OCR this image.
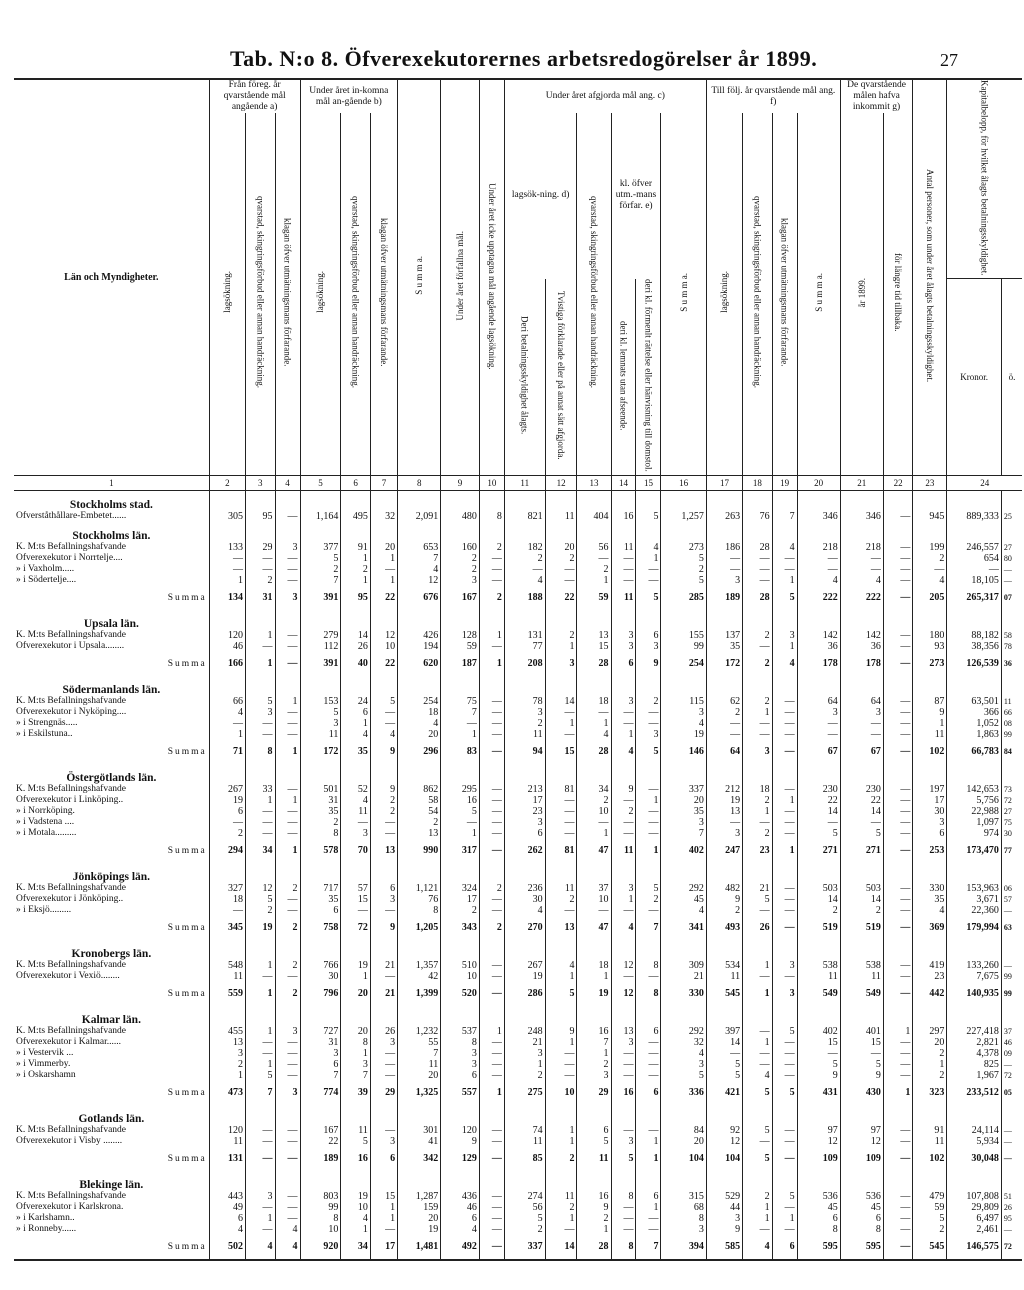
Tab. N:o 8. Öfverexekutorernes arbetsredogörelser år 1899.	27
Län och Myndigheter.	Från föreg. år qvarstående mål angående a)			Under året in-komna mål an-gående b)			S u m m a.	Under året förfallna mål.	Under året icke upptagna mål angående lagsökning.	Under året afgjorda mål ang. c)						Till följ. år qvarstående mål ang. f)				De qvarstående målen hafva inkommit g)		Antal personer, som under året ålagts betalningsskyldighet.	Kapitalbelopp, för hvilket ålagts betalningsskyldighet.	
	lagsökning.	qvarstad, skingringsförbud eller annan handräckning.	klagan öfver utmätningsmans förfarande.	lagsökning.	qvarstad, skingringsförbud eller annan handräckning.	klagan öfver utmätningsmans förfarande.				lagsök-ning. d)		qvarstad, skingringsförbud eller annan handräckning.	kl. öfver utm.-mans förfar. e)		S u m m a.	lagsökning.	qvarstad, skingringsförbud eller annan handräckning.	klagan öfver utmätningsmans förfarande.	S u m m a.	år 1899.	för längre tid tillbaka.			
										Deri betalningsskyldighet ålagts.	Tvistiga förklarade eller på annat sätt afgjorda.		deri kl. lemnats utan afseende.	deri kl. förmenlt rättelse eller hänvisning till domstol.									Kronor.	ö.
1	2	3	4	5	6	7	8	9	10	11	12	13	14	15	16	17	18	19	20	21	22	23	24	
Stockholms stad.																								
Öfverståthållare-Embetet......	305	95	—	1,164	495	32	2,091	480	8	821	11	404	16	5	1,257	263	76	7	346	346	—	945	889,333	25
Stockholms län.																								
K. M:ts Befallningshafvande	133	29	3	377	91	20	653	160	2	182	20	56	11	4	273	186	28	4	218	218	—	199	246,557	27
Öfverexekutor i Norrtelje....	—	—	—	5	1	1	7	2	—	2	2	—	—	1	5	—	—	—	—	—	—	2	654	80
» i Vaxholm.....	—	—	—	2	2	—	4	2	—	—	—	2	—	—	2	—	—	—	—	—	—	—	—	—
» i Södertelje....	1	2	—	7	1	1	12	3	—	4	—	1	—	—	5	3	—	1	4	4	—	4	18,105	—
Summa	134	31	3	391	95	22	676	167	2	188	22	59	11	5	285	189	28	5	222	222	—	205	265,317	07
Upsala län.																								
K. M:ts Befallningshafvande	120	1	—	279	14	12	426	128	1	131	2	13	3	6	155	137	2	3	142	142	—	180	88,182	58
Öfverexekutor i Upsala........	46	—	—	112	26	10	194	59	—	77	1	15	3	3	99	35	—	1	36	36	—	93	38,356	78
Summa	166	1	—	391	40	22	620	187	1	208	3	28	6	9	254	172	2	4	178	178	—	273	126,539	36
Södermanlands län.																								
K. M:ts Befallningshafvande	66	5	1	153	24	5	254	75	—	78	14	18	3	2	115	62	2	—	64	64	—	87	63,501	11
Öfverexekutor i Nyköping....	4	3	—	5	6	—	18	7	—	3	—	—	—	—	3	2	1	—	3	3	—	9	366	66
» i Strengnäs.....	—	—	—	3	1	—	4	—	—	2	1	1	—	—	4	—	—	—	—	—	—	1	1,052	08
» i Eskilstuna..	1	—	—	11	4	4	20	1	—	11	—	4	1	3	19	—	—	—	—	—	—	11	1,863	99
Summa	71	8	1	172	35	9	296	83	—	94	15	28	4	5	146	64	3	—	67	67	—	102	66,783	84
Östergötlands län.																								
K. M:ts Befallningshafvande	267	33	—	501	52	9	862	295	—	213	81	34	9	—	337	212	18	—	230	230	—	197	142,653	73
Öfverexekutor i Linköping..	19	1	1	31	4	2	58	16	—	17	—	2	—	1	20	19	2	1	22	22	—	17	5,756	72
» i Norrköping.	6	—	—	35	11	2	54	5	—	23	—	10	2	—	35	13	1	—	14	14	—	30	22,988	27
» i Vadstena ....	—	—	—	2	—	—	2	—	—	3	—	—	—	—	3	—	—	—	—	—	—	3	1,097	75
» i Motala.........	2	—	—	8	3	—	13	1	—	6	—	1	—	—	7	3	2	—	5	5	—	6	974	30
Summa	294	34	1	578	70	13	990	317	—	262	81	47	11	1	402	247	23	1	271	271	—	253	173,470	77
Jönköpings län.																								
K. M:ts Befallningshafvande	327	12	2	717	57	6	1,121	324	2	236	11	37	3	5	292	482	21	—	503	503	—	330	153,963	06
Öfverexekutor i Jönköping..	18	5	—	35	15	3	76	17	—	30	2	10	1	2	45	9	5	—	14	14	—	35	3,671	57
» i Eksjö.........	—	2	—	6	—	—	8	2	—	4	—	—	—	—	4	2	—	—	2	2	—	4	22,360	—
Summa	345	19	2	758	72	9	1,205	343	2	270	13	47	4	7	341	493	26	—	519	519	—	369	179,994	63
Kronobergs län.																								
K. M:ts Befallningshafvande	548	1	2	766	19	21	1,357	510	—	267	4	18	12	8	309	534	1	3	538	538	—	419	133,260	—
Öfverexekutor i Vexiö........	11	—	—	30	1	—	42	10	—	19	1	1	—	—	21	11	—	—	11	11	—	23	7,675	99
Summa	559	1	2	796	20	21	1,399	520	—	286	5	19	12	8	330	545	1	3	549	549	—	442	140,935	99
Kalmar län.																								
K. M:ts Befallningshafvande	455	1	3	727	20	26	1,232	537	1	248	9	16	13	6	292	397	—	5	402	401	1	297	227,418	37
Öfverexekutor i Kalmar......	13	—	—	31	8	3	55	8	—	21	1	7	3	—	32	14	1	—	15	15	—	20	2,821	46
» i Vestervik ...	3	—	—	3	1	—	7	3	—	3	—	1	—	—	4	—	—	—	—	—	—	2	4,378	09
» i Vimmerby.	2	1	—	6	3	—	11	3	—	1	—	2	—	—	3	5	—	—	5	5	—	1	825	—
» i Oskarshamn	1	5	—	7	7	—	20	6	—	2	—	3	—	—	5	5	4	—	9	9	—	2	1,967	72
Summa	473	7	3	774	39	29	1,325	557	1	275	10	29	16	6	336	421	5	5	431	430	1	323	233,512	05
Gotlands län.																								
K. M:ts Befallningshafvande	120	—	—	167	11	—	301	120	—	74	1	6	—	—	84	92	5	—	97	97	—	91	24,114	—
Öfverexekutor i Visby ........	11	—	—	22	5	3	41	9	—	11	1	5	3	1	20	12	—	—	12	12	—	11	5,934	—
Summa	131	—	—	189	16	6	342	129	—	85	2	11	5	1	104	104	5	—	109	109	—	102	30,048	—
Blekinge län.																								
K. M:ts Befallningshafvande	443	3	—	803	19	15	1,287	436	—	274	11	16	8	6	315	529	2	5	536	536	—	479	107,808	51
Öfverexekutor i Karlskrona.	49	—	—	99	10	1	159	46	—	56	2	9	—	1	68	44	1	—	45	45	—	59	29,809	26
» i Karlshamn..	6	1	—	8	4	1	20	6	—	5	1	2	—	—	8	3	1	1	6	6	—	5	6,497	95
» i Ronneby......	4	—	4	10	1	—	19	4	—	2	—	1	—	—	3	9	—	—	8	8	—	2	2,461	—
Summa	502	4	4	920	34	17	1,481	492	—	337	14	28	8	7	394	585	4	6	595	595	—	545	146,575	72
